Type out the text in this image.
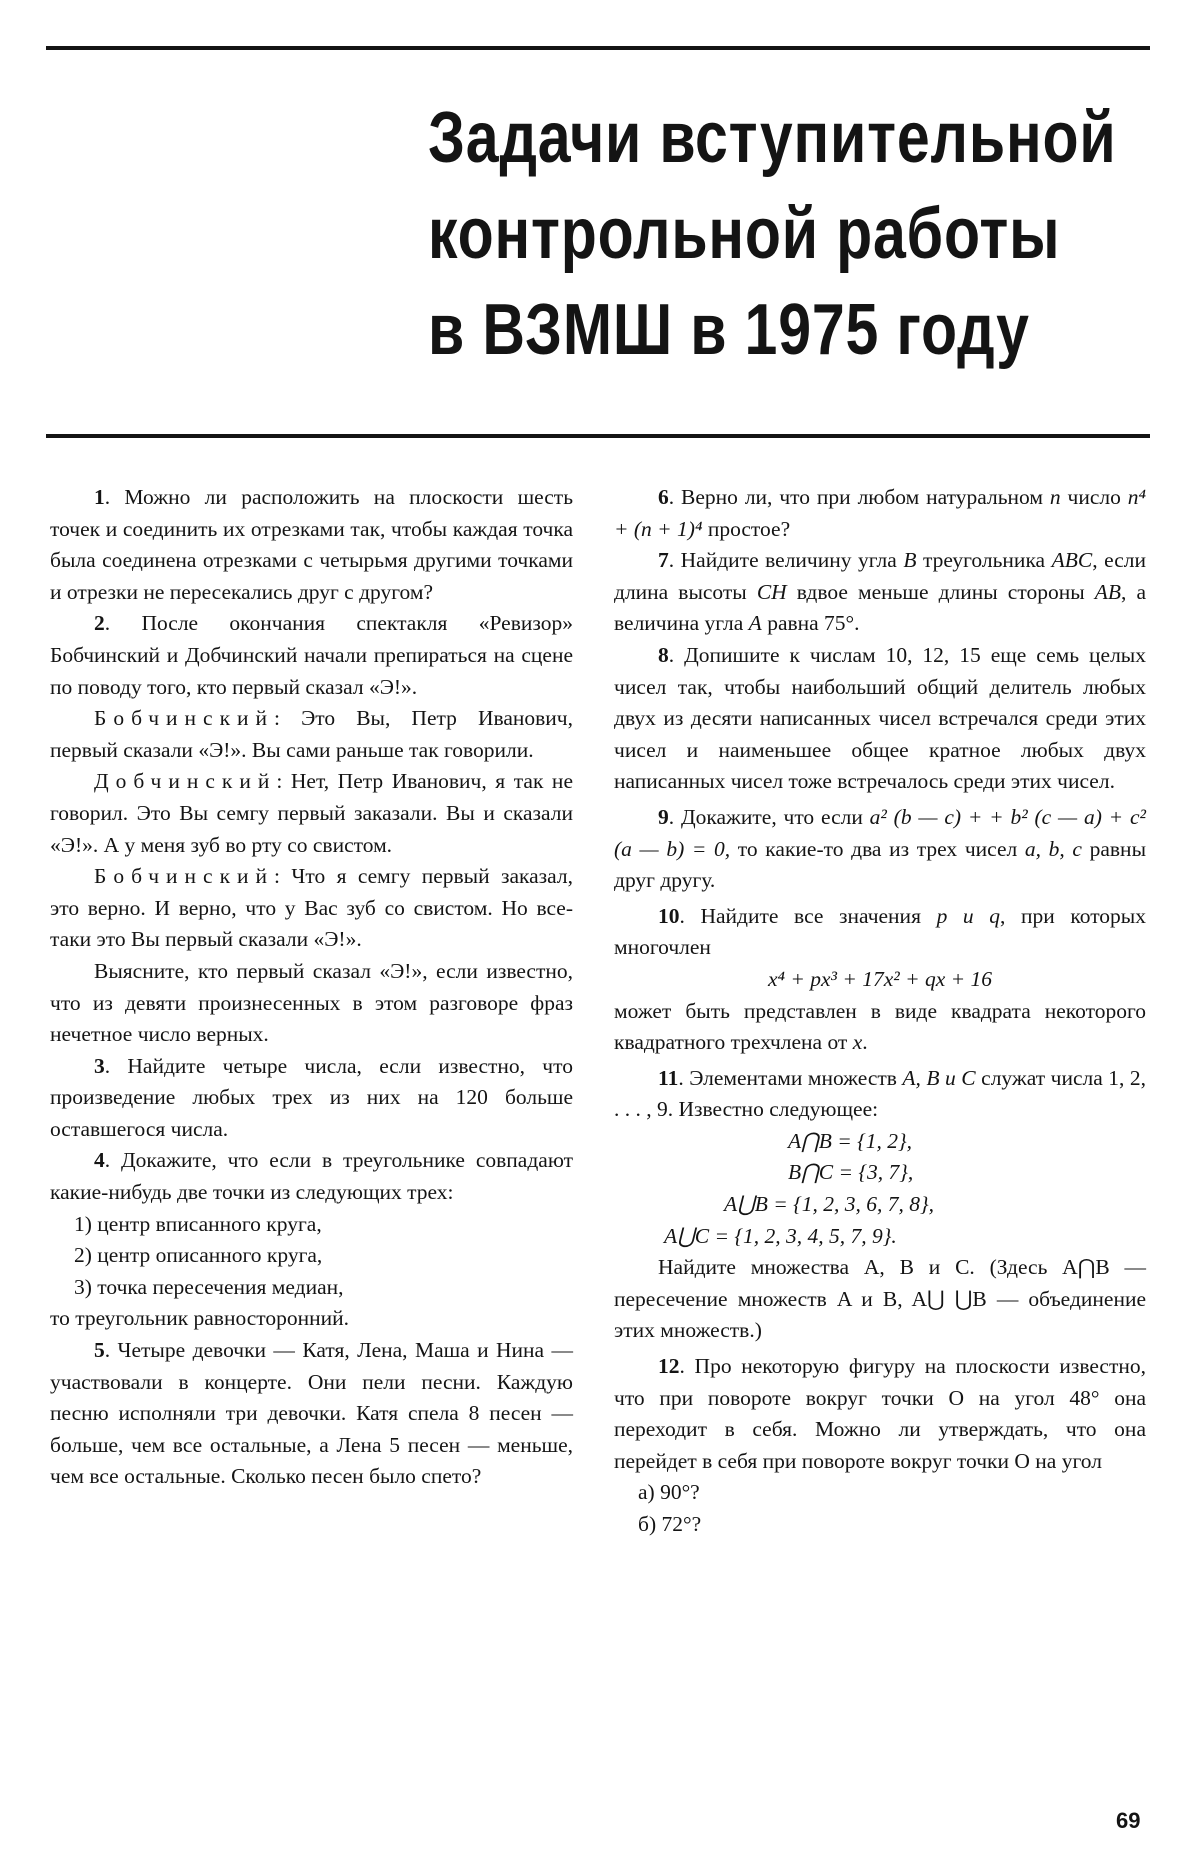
Задачи вступительной
контрольной работы
в ВЗМШ в 1975 году

1. Можно ли расположить на плоскости шесть точек и соединить их отрезками так, чтобы каждая точка была соединена отрезками с четырьмя другими точками и отрезки не пересекались друг с другом?

2. После окончания спектакля «Ревизор» Бобчинский и Добчинский начали препираться на сцене по поводу того, кто первый сказал «Э!».

Бобчинский: Это Вы, Петр Иванович, первый сказали «Э!». Вы сами раньше так говорили.

Добчинский: Нет, Петр Иванович, я так не говорил. Это Вы семгу первый заказали. Вы и сказали «Э!». А у меня зуб во рту со свистом.

Бобчинский: Что я семгу первый заказал, это верно. И верно, что у Вас зуб со свистом. Но все-таки это Вы первый сказали «Э!».

Выясните, кто первый сказал «Э!», если известно, что из девяти произнесенных в этом разговоре фраз нечетное число верных.

3. Найдите четыре числа, если известно, что произведение любых трех из них на 120 больше оставшегося числа.

4. Докажите, что если в треугольнике совпадают какие-нибудь две точки из следующих трех:

1) центр вписанного круга,

2) центр описанного круга,

3) точка пересечения медиан,

то треугольник равносторонний.

5. Четыре девочки — Катя, Лена, Маша и Нина — участвовали в концерте. Они пели песни. Каждую песню исполняли три девочки. Катя спела 8 песен — больше, чем все остальные, а Лена 5 песен — меньше, чем все остальные. Сколько песен было спето?

6. Верно ли, что при любом натуральном n число n⁴ + (n + 1)⁴ простое?

7. Найдите величину угла B треугольника ABC, если длина высоты CH вдвое меньше длины стороны AB, а величина угла A равна 75°.

8. Допишите к числам 10, 12, 15 еще семь целых чисел так, чтобы наибольший общий делитель любых двух из десяти написанных чисел встречался среди этих чисел и наименьшее общее кратное любых двух написанных чисел тоже встречалось среди этих чисел.

9. Докажите, что если a² (b — c) + + b² (c — a) + c² (a — b) = 0, то какие-то два из трех чисел a, b, c равны друг другу.

10. Найдите все значения p и q, при которых многочлен

x⁴ + px³ + 17x² + qx + 16

может быть представлен в виде квадрата некоторого квадратного трехчлена от x.

11. Элементами множеств A, B и C служат числа 1, 2, . . . , 9. Известно следующее:

A⋂B = {1, 2},
B⋂C = {3, 7},
A⋃B = {1, 2, 3, 6, 7, 8},
A⋃C = {1, 2, 3, 4, 5, 7, 9}.

Найдите множества A, B и C. (Здесь A⋂B — пересечение множеств A и B, A⋃ ⋃B — объединение этих множеств.)

12. Про некоторую фигуру на плоскости известно, что при повороте вокруг точки O на угол 48° она переходит в себя. Можно ли утверждать, что она перейдет в себя при повороте вокруг точки O на угол

а) 90°?

б) 72°?

69
